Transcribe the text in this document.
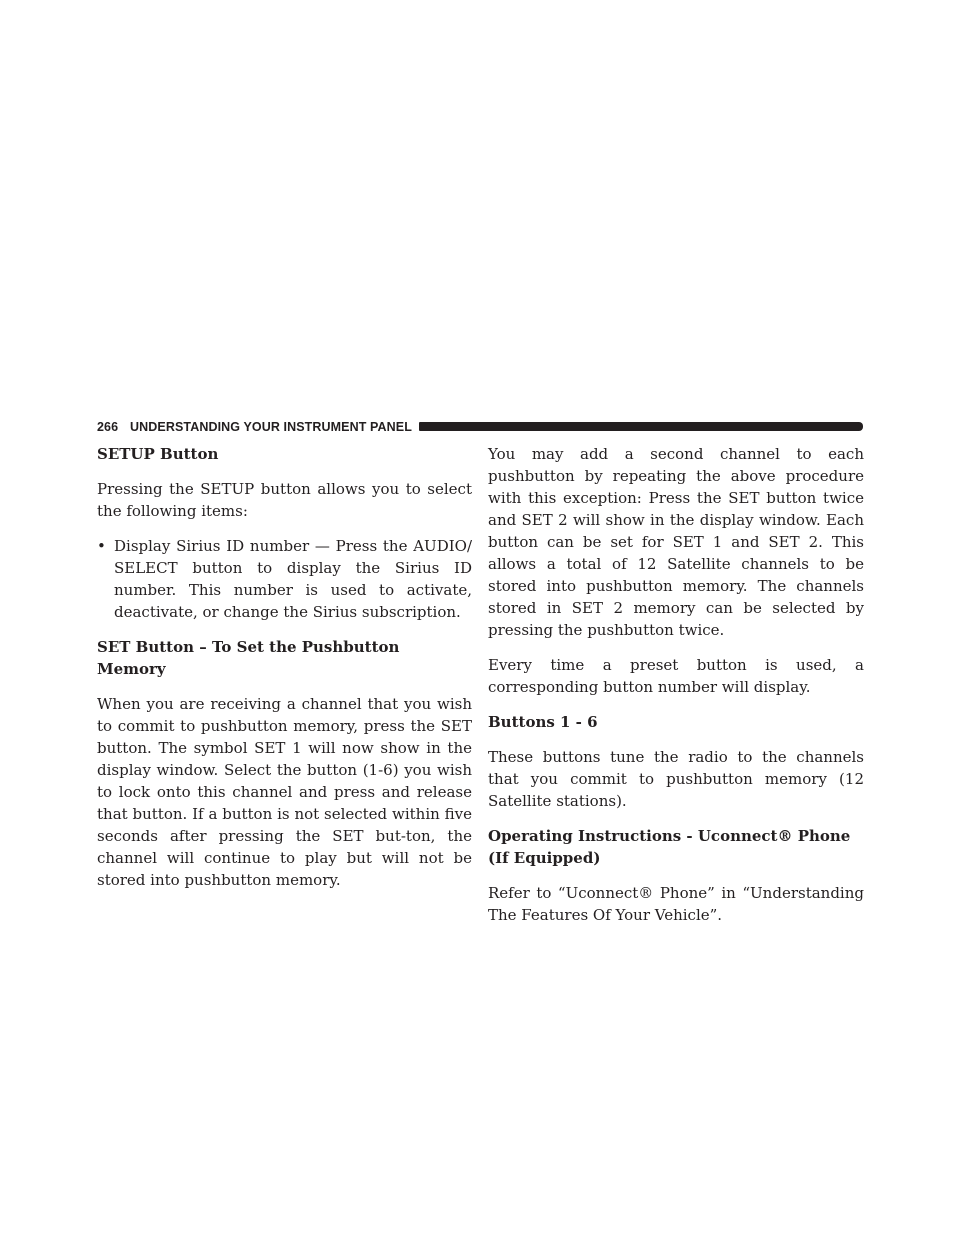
266 UNDERSTANDING YOUR INSTRUMENT PANEL
SETUP Button

Pressing the SETUP button allows you to select the following items:

• Display Sirius ID number — Press the AUDIO/ SELECT button to display the Sirius ID number. This number is used to activate, deactivate, or change the Sirius subscription.
SET Button – To Set the Pushbutton Memory

When you are receiving a channel that you wish to commit to pushbutton memory, press the SET button. The symbol SET 1 will now show in the display window. Select the button (1-6) you wish to lock onto this channel and press and release that button. If a button is not selected within five seconds after pressing the SET but-ton, the channel will continue to play but will not be stored into pushbutton memory.

You may add a second channel to each pushbutton by repeating the above procedure with this exception: Press the SET button twice and SET 2 will show in the display window. Each button can be set for SET 1 and SET 2. This allows a total of 12 Satellite channels to be stored into pushbutton memory. The channels stored in SET 2 memory can be selected by pressing the pushbutton twice.

Every time a preset button is used, a corresponding button number will display.

Buttons 1 - 6

These buttons tune the radio to the channels that you commit to pushbutton memory (12 Satellite stations).

Operating Instructions - Uconnect® Phone
(If Equipped)

Refer to “Uconnect® Phone” in “Understanding The Features Of Your Vehicle”.
